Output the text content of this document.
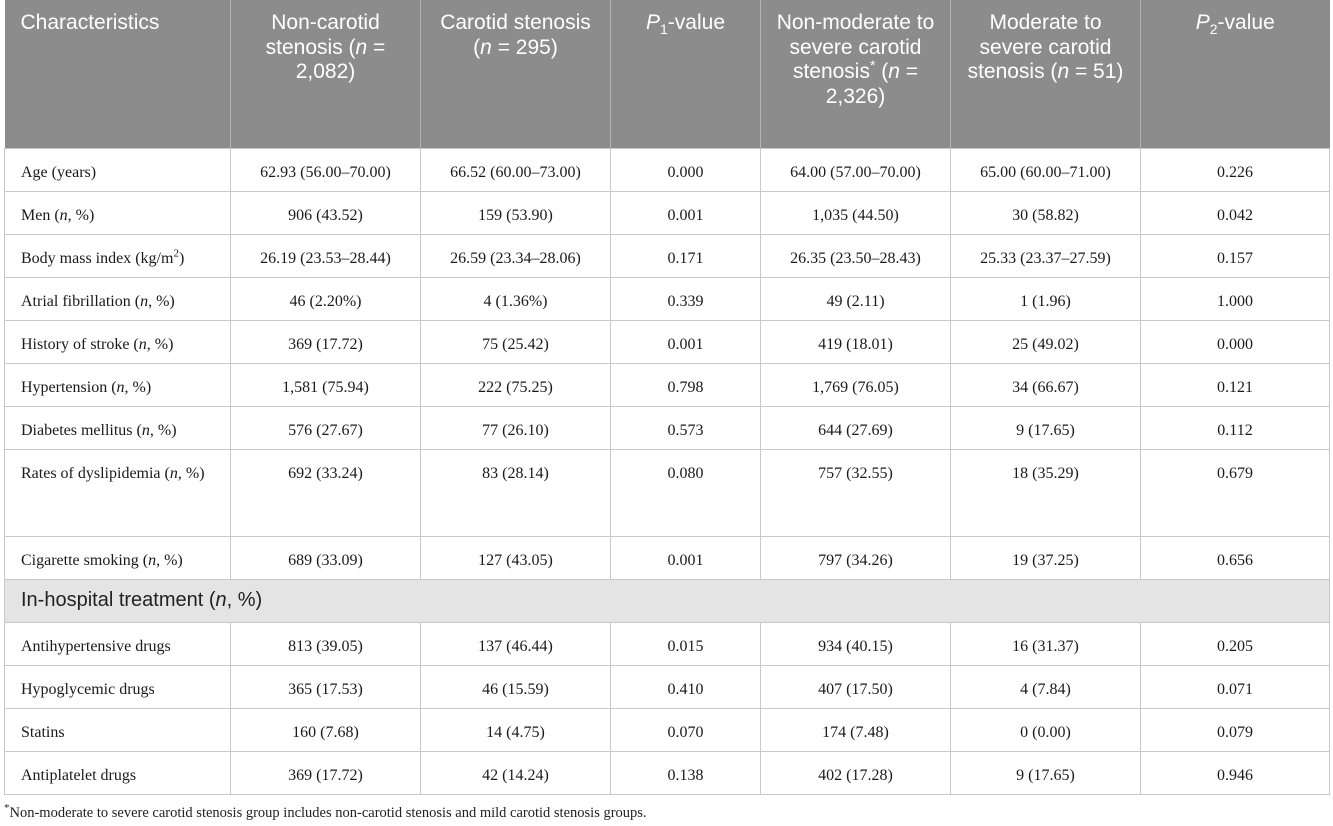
Characteristics	Non-carotid stenosis (n = 2,082)	Carotid stenosis (n = 295)	$P_1$-value	Non-moderate to severe carotid stenosis* (n = 2,326)	Moderate to severe carotid stenosis (n = 51)	$P_2$-value
Age (years)	62.93 (56.00–70.00)	66.52 (60.00–73.00)	0.000	64.00 (57.00–70.00)	65.00 (60.00–71.00)	0.226
Men (n, %)	906 (43.52)	159 (53.90)	0.001	1,035 (44.50)	30 (58.82)	0.042
Body mass index $(kg/m^2)$	26.19 (23.53–28.44)	26.59 (23.34–28.06)	0.171	26.35 (23.50–28.43)	25.33 (23.37–27.59)	0.157
Atrial fibrillation (n, %)	46 (2.20%)	4 (1.36%)	0.339	49 (2.11)	1 (1.96)	1.000
History of stroke (n, %)	369 (17.72)	75 (25.42)	0.001	419 (18.01)	25 (49.02)	0.000
Hypertension (n, %)	1,581 (75.94)	222 (75.25)	0.798	1,769 (76.05)	34 (66.67)	0.121
Diabetes mellitus (n, %)	576 (27.67)	77 (26.10)	0.573	644 (27.69)	9 (17.65)	0.112
Rates of dyslipidemia (n, %)	692 (33.24)	83 (28.14)	0.080	757 (32.55)	18 (35.29)	0.679
Cigarette smoking (n, %)	689 (33.09)	127 (43.05)	0.001	797 (34.26)	19 (37.25)	0.656
In-hospital treatment (n, %)						
Antihypertensive drugs	813 (39.05)	137 (46.44)	0.015	934 (40.15)	16 (31.37)	0.205
Hypoglycemic drugs	365 (17.53)	46 (15.59)	0.410	407 (17.50)	4 (7.84)	0.071
Statins	160 (7.68)	14 (4.75)	0.070	174 (7.48)	0 (0.00)	0.079
Antiplatelet drugs	369 (17.72)	42 (14.24)	0.138	402 (17.28)	9 (17.65)	0.946
*Non-moderate to severe carotid stenosis group includes non-carotid stenosis and mild carotid stenosis groups.
